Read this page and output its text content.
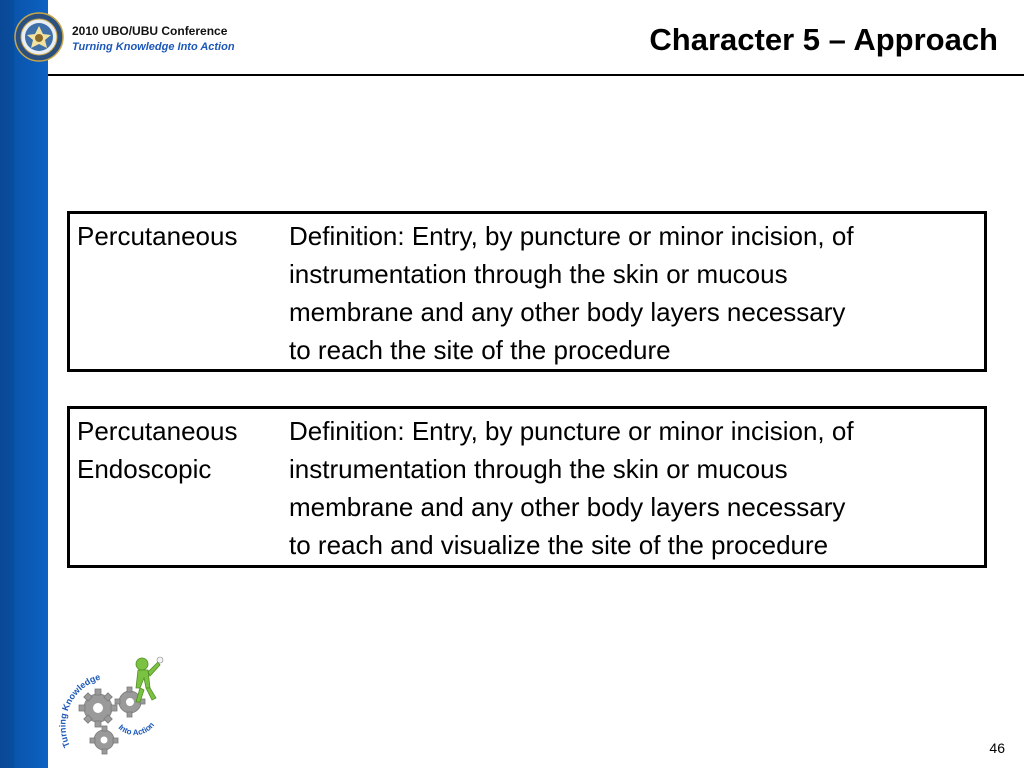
2010 UBO/UBU Conference
Turning Knowledge Into Action	Character 5 – Approach
Percutaneous	Definition: Entry, by puncture or minor incision, of
instrumentation through the skin or mucous
membrane and any other body layers necessary
to reach the site of the procedure
Percutaneous
Endoscopic
Definition: Entry, by puncture or minor incision, of
instrumentation through the skin or mucous
membrane and any other body layers necessary
to reach and visualize the site of the procedure
Turning Knowledge
Into Action
46
